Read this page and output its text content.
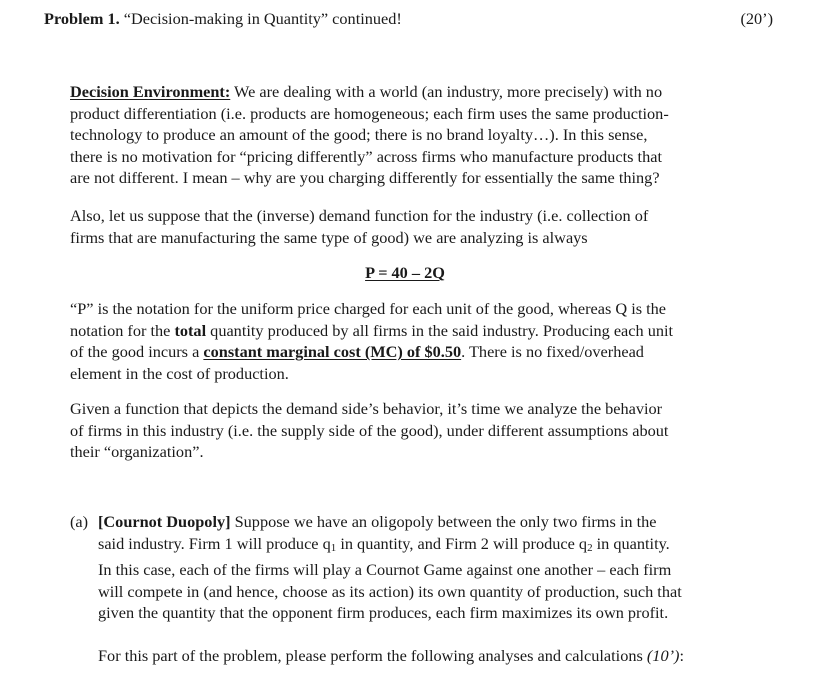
Problem 1. “Decision-making in Quantity” continued!	(20’)
Decision Environment: We are dealing with a world (an industry, more precisely) with no
product differentiation (i.e. products are homogeneous; each firm uses the same production-
technology to produce an amount of the good; there is no brand loyalty…). In this sense,
there is no motivation for “pricing differently” across firms who manufacture products that
are not different. I mean – why are you charging differently for essentially the same thing?
Also, let us suppose that the (inverse) demand function for the industry (i.e. collection of
firms that are manufacturing the same type of good) we are analyzing is always
P = 40 – 2Q
“P” is the notation for the uniform price charged for each unit of the good, whereas Q is the
notation for the total quantity produced by all firms in the said industry. Producing each unit
of the good incurs a constant marginal cost (MC) of $0.50. There is no fixed/overhead
element in the cost of production.
Given a function that depicts the demand side’s behavior, it’s time we analyze the behavior
of firms in this industry (i.e. the supply side of the good), under different assumptions about
their “organization”.
(a) [Cournot Duopoly] Suppose we have an oligopoly between the only two firms in the
said industry. Firm 1 will produce q1 in quantity, and Firm 2 will produce q2 in quantity.
In this case, each of the firms will play a Cournot Game against one another – each firm
will compete in (and hence, choose as its action) its own quantity of production, such that
given the quantity that the opponent firm produces, each firm maximizes its own profit.
For this part of the problem, please perform the following analyses and calculations (10’):
